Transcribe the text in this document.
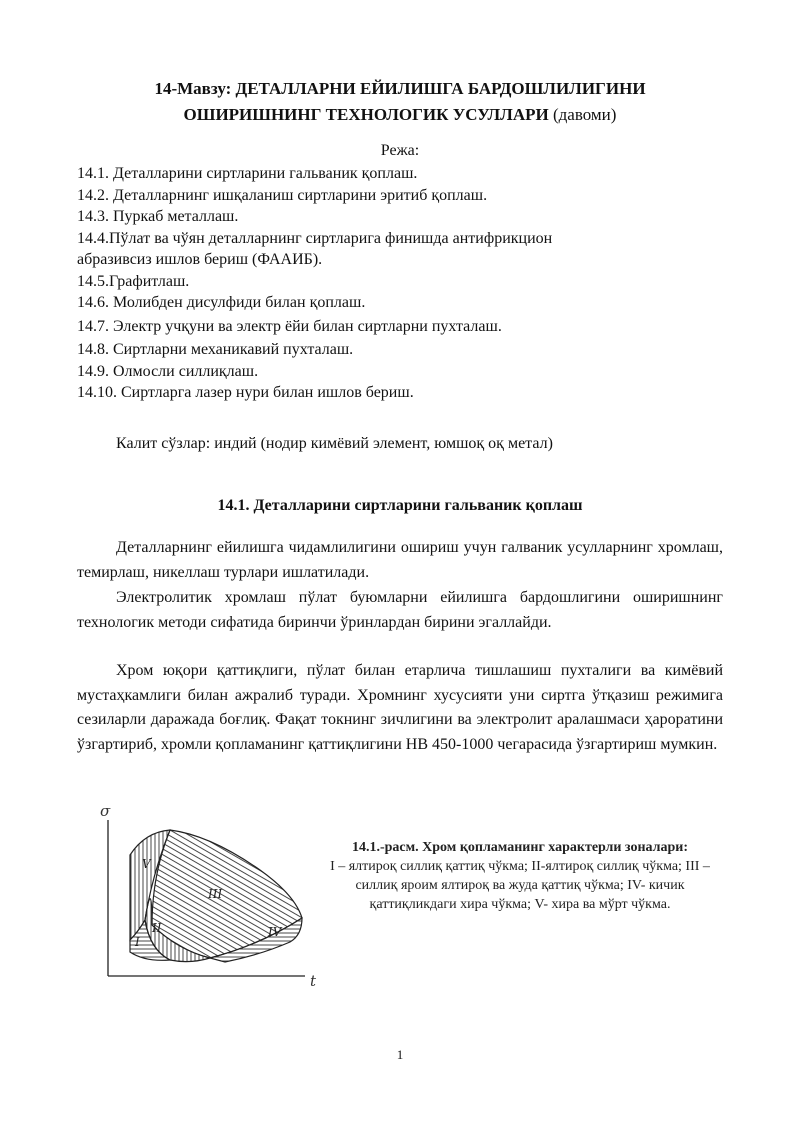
14-Мавзу: ДЕТАЛЛАРНИ ЕЙИЛИШГА БАРДОШЛИЛИГИНИ
ОШИРИШНИНГ ТЕХНОЛОГИК УСУЛЛАРИ (давоми)
Режа:
14.1. Деталларини сиртларини гальваник қоплаш.
14.2. Деталларнинг ишқаланиш сиртларини эритиб қоплаш.
14.3. Пуркаб металлаш.
14.4.Пўлат ва чўян деталларнинг сиртларига финишда антифрикцион
абразивсиз ишлов бериш (ФААИБ).
14.5.Графитлаш.
14.6. Молибден дисулфиди билан қоплаш.
14.7. Электр учқуни ва электр ёйи билан сиртларни пухталаш.
14.8. Сиртларни механикавий пухталаш.
14.9. Олмосли силлиқлаш.
14.10. Сиртларга лазер нури билан ишлов бериш.
Калит сўзлар: индий (нодир кимёвий элемент, юмшоқ оқ метал)
14.1. Деталларини сиртларини гальваник қоплаш

Деталларнинг ейилишга чидамлилигини ошириш учун галваник усулларнинг хромлаш, темирлаш, никеллаш турлари ишлатилади.

Электролитик хромлаш пўлат буюмларни ейилишга бардошлигини оширишнинг технологик методи сифатида биринчи ўринлардан бирини эгаллайди.

Хром юқори қаттиқлиги, пўлат билан етарлича тишлашиш пухталиги ва кимёвий мустаҳкамлиги билан ажралиб туради. Хромнинг хусусияти уни сиртга ўтқазиш режимига сезиларли даражада боғлиқ. Фақат токнинг зичлигини ва электролит аралашмаси ҳароратини ўзгартириб, хромли қопламанинг қаттиқлигини НВ 450-1000 чегарасида ўзгартириш мумкин.

σ
t
V
III
II
I
IV
14.1.-расм. Хром қопламанинг характерли зоналари:
I – ялтироқ силлиқ қаттиқ чўкма; II-ялтироқ силлиқ чўкма; III –силлиқ яроим ялтироқ ва жуда қаттиқ чўкма; IV- кичик қаттиқликдаги хира чўкма; V- хира ва мўрт чўкма.
1
